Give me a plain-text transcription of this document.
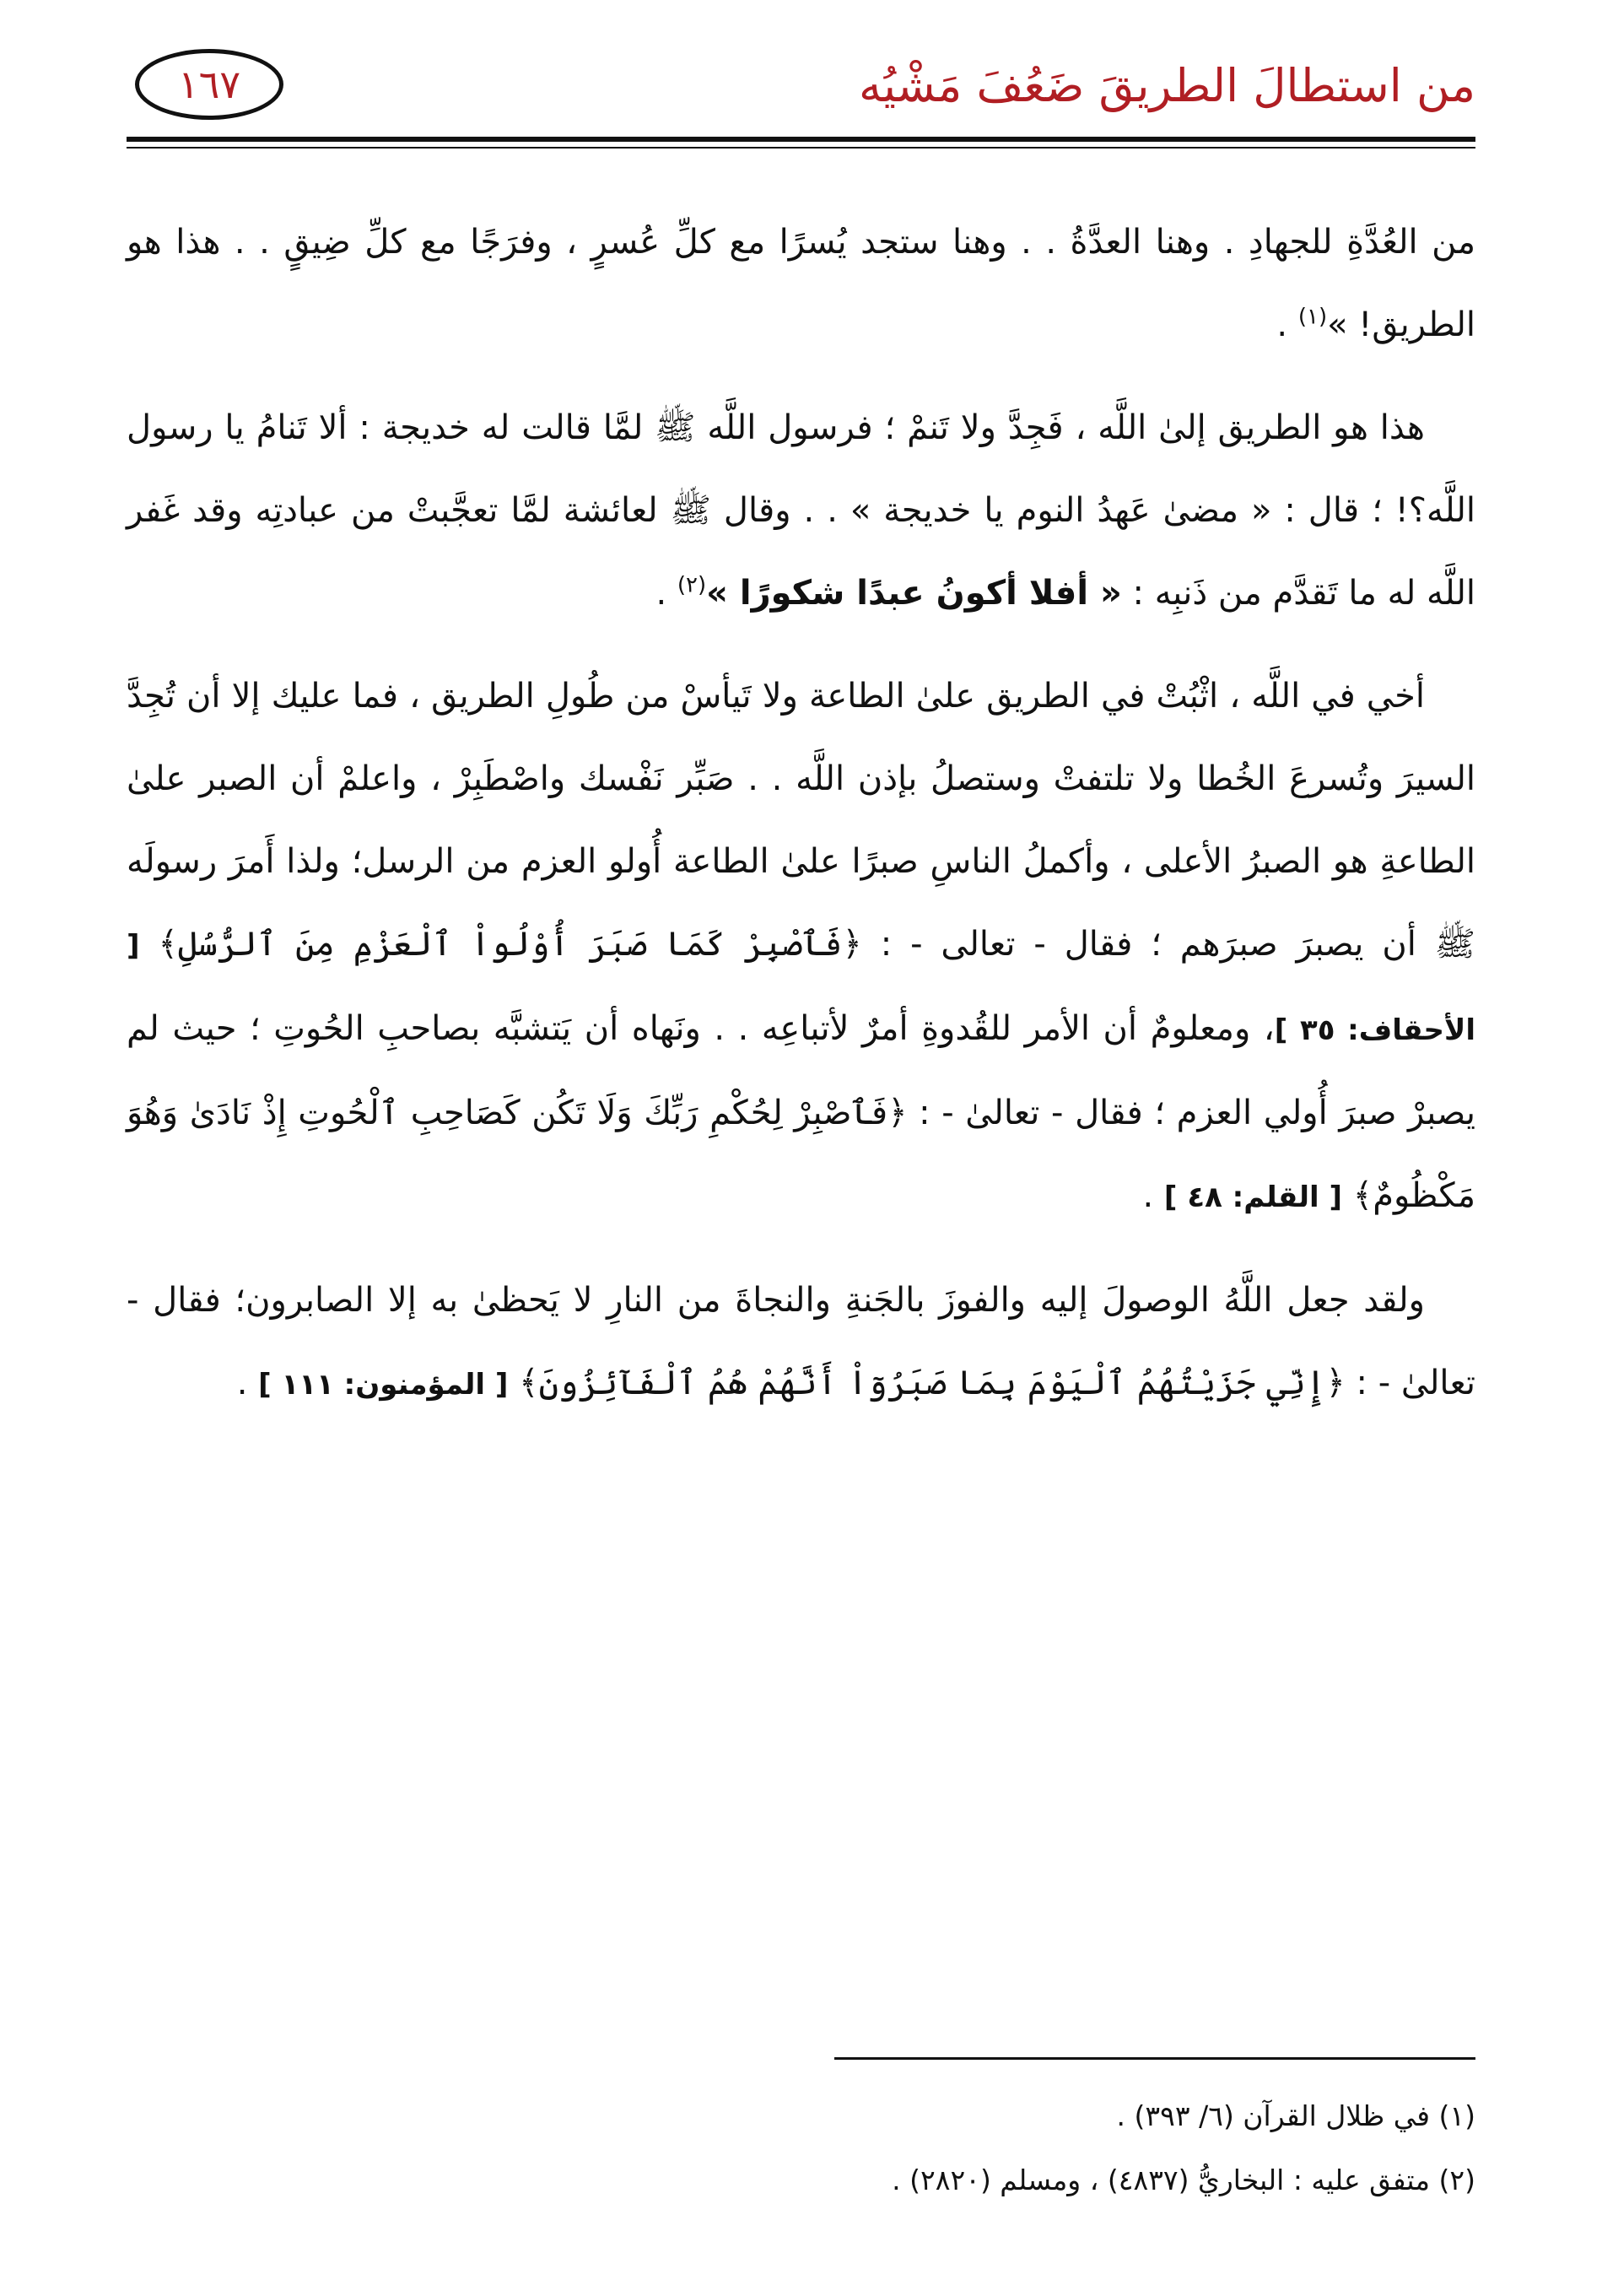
من استطالَ الطريقَ ضَعُفَ مَشْيُه
١٦٧

من العُدَّةِ للجهادِ . وهنا العدَّةُ . . وهنا ستجد يُسرًا مع كلِّ عُسرٍ ، وفرَجًا مع كلِّ ضِيقٍ . . هذا هو الطريق! »$^{(١)}$ .

هذا هو الطريق إلىٰ اللَّه ، فَجِدَّ ولا تَنمْ ؛ فرسول اللَّه ﷺ لمَّا قالت له خديجة : ألا تَنامُ يا رسول اللَّه؟! ؛ قال : « مضىٰ عَهدُ النوم يا خديجة » . . وقال ﷺ لعائشة لمَّا تعجَّبتْ من عبادتِه وقد غَفر اللَّه له ما تَقدَّم من ذَنبِه : « أفلا أكونُ عبدًا شكورًا »$^{(٢)}$ .

أخي في اللَّه ، اثْبُتْ في الطريق علىٰ الطاعة ولا تَيأسْ من طُولِ الطريق ، فما عليك إلا أن تُجِدَّ السيرَ وتُسرعَ الخُطا ولا تلتفتْ وستصلُ بإذن اللَّه . . صَبِّر نَفْسك واصْطَبِرْ ، واعلمْ أن الصبر علىٰ الطاعةِ هو الصبرُ الأعلى ، وأكملُ الناسِ صبرًا علىٰ الطاعة أُولو العزم من الرسل؛ ولذا أَمرَ رسولَه ﷺ أن يصبرَ صبرَهم ؛ فقال - تعالى - : ﴿فَٱصْبِرْ كَمَا صَبَرَ أُوْلُواْ ٱلْعَزْمِ مِنَ ٱلرُّسُلِ﴾ [ الأحقاف: ٣٥ ]، ومعلومٌ أن الأمر للقُدوةِ أمرٌ لأتباعِه . . ونَهاه أن يَتشبَّه بصاحبِ الحُوتِ ؛ حيث لم يصبرْ صبرَ أُولي العزم ؛ فقال - تعالىٰ - : ﴿فَٱصْبِرْ لِحُكْمِ رَبِّكَ وَلَا تَكُن كَصَاحِبِ ٱلْحُوتِ إِذْ نَادَىٰ وَهُوَ مَكْظُومٌ﴾ [ القلم: ٤٨ ] .

ولقد جعل اللَّهُ الوصولَ إليه والفوزَ بالجَنةِ والنجاةَ من النارِ لا يَحظىٰ به إلا الصابرون؛ فقال - تعالىٰ - : ﴿إِنِّي جَزَيْتُهُمُ ٱلْيَوْمَ بِمَا صَبَرُوٓاْ أَنَّهُمْ هُمُ ٱلْفَآئِزُونَ﴾ [ المؤمنون: ١١١ ] .

(١) في ظلال القرآن (٦/ ٣٩٣) .

(٢) متفق عليه : البخاريُّ (٤٨٣٧) ، ومسلم (٢٨٢٠) .
